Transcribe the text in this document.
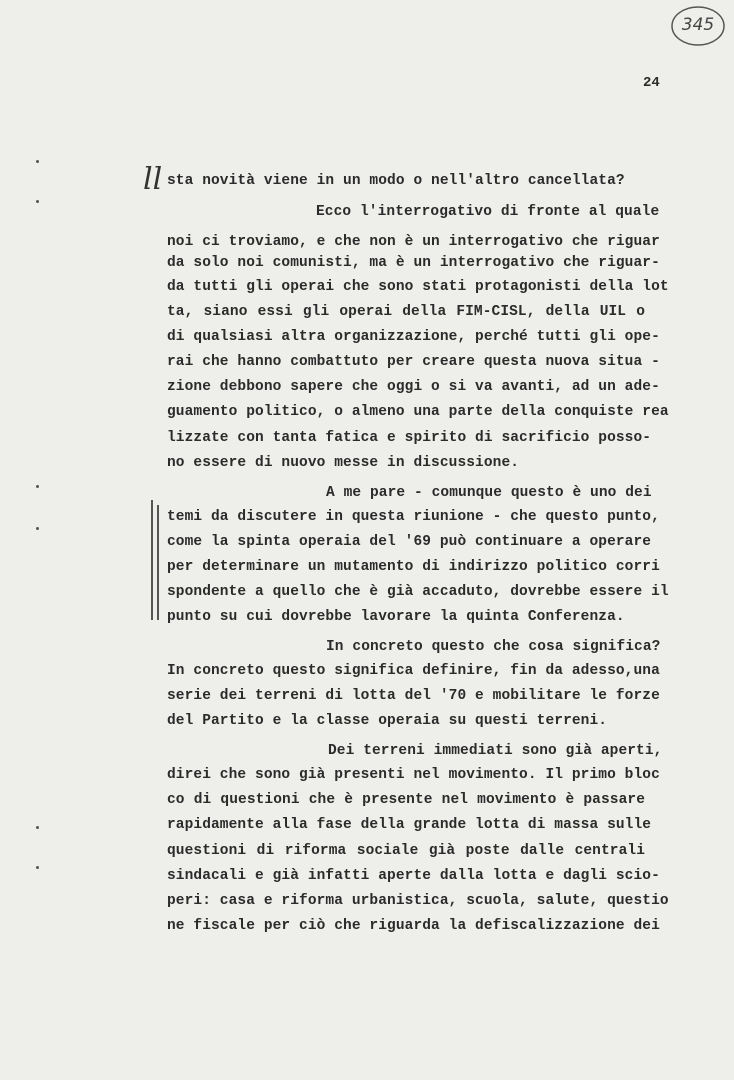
345
24
ll sta novità viene in un modo o nell'altro cancellata?
Ecco l'interrogativo di fronte al quale
noi ci troviamo, e che non è un interrogativo che riguar
da solo noi comunisti, ma è un interrogativo che riguar-
da tutti gli operai che sono stati protagonisti della lot
ta, siano essi gli operai della FIM-CISL, della UIL o
di qualsiasi altra organizzazione, perché tutti gli ope-
rai che hanno combattuto per creare questa nuova situa -
zione debbono sapere che oggi o si va avanti, ad un ade-
guamento politico, o almeno una parte della conquiste rea
lizzate con tanta fatica e spirito di sacrificio posso-
no essere di nuovo messe in discussione.
A me pare - comunque questo è uno dei
temi da discutere in questa riunione - che questo punto,
come la spinta operaia del '69 può continuare a operare
per determinare un mutamento di indirizzo politico corri
spondente a quello che è già accaduto, dovrebbe essere il
punto su cui dovrebbe lavorare la quinta Conferenza.
In concreto questo che cosa significa?
In concreto questo significa definire, fin da adesso,una
serie dei terreni di lotta del '70 e mobilitare le forze
del Partito e la classe operaia su questi terreni.
Dei terreni immediati sono già aperti,
direi che sono già presenti nel movimento. Il primo bloc
co di questioni che è presente nel movimento è passare
rapidamente alla fase della grande lotta di massa sulle
questioni di riforma sociale già poste dalle centrali
sindacali e già infatti aperte dalla lotta e dagli scio-
peri: casa e riforma urbanistica, scuola, salute, questio
ne fiscale per ciò che riguarda la defiscalizzazione dei
